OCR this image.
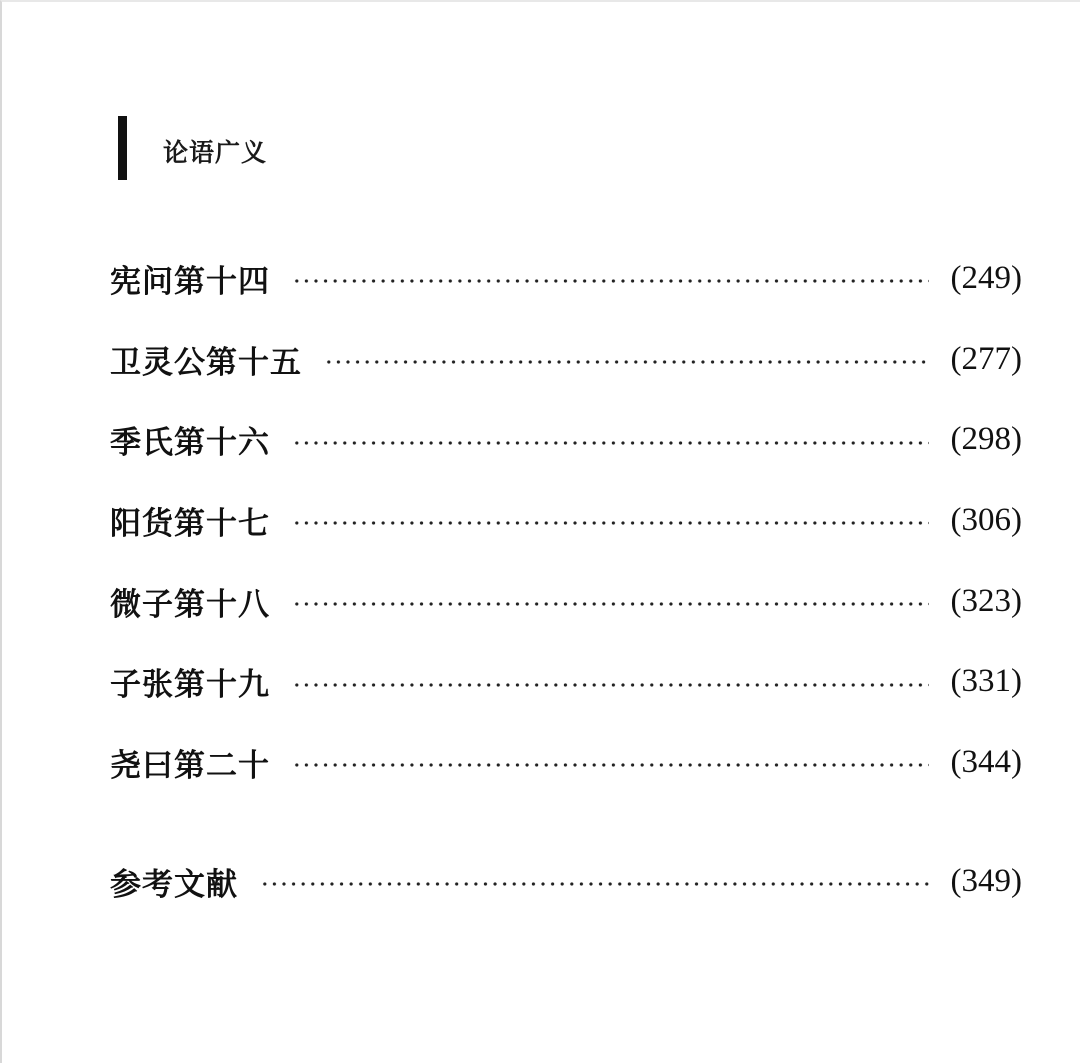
论语广义
宪问第十四	(249)
卫灵公第十五	(277)
季氏第十六	(298)
阳货第十七	(306)
微子第十八	(323)
子张第十九	(331)
尧曰第二十	(344)
参考文献	(349)
